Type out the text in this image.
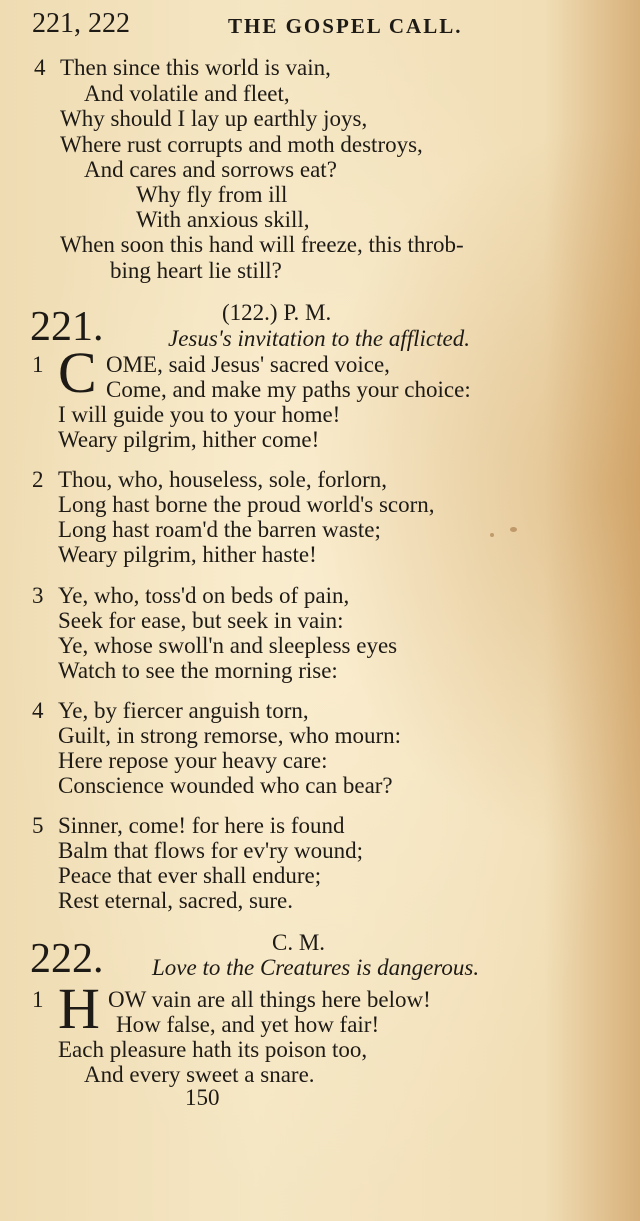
221, 222	THE GOSPEL CALL.
4 Then since this world is vain,
And volatile and fleet,
Why should I lay up earthly joys,
Where rust corrupts and moth destroys,
And cares and sorrows eat?
Why fly from ill
With anxious skill,
When soon this hand will freeze, this throb-
bing heart lie still?
221.	(122.) P. M.
Jesus's invitation to the afflicted.
1 C OME, said Jesus' sacred voice,
Come, and make my paths your choice:
I will guide you to your home!
Weary pilgrim, hither come!
2 Thou, who, houseless, sole, forlorn,
Long hast borne the proud world's scorn,
Long hast roam'd the barren waste;
Weary pilgrim, hither haste!
3 Ye, who, toss'd on beds of pain,
Seek for ease, but seek in vain:
Ye, whose swoll'n and sleepless eyes
Watch to see the morning rise:
4 Ye, by fiercer anguish torn,
Guilt, in strong remorse, who mourn:
Here repose your heavy care:
Conscience wounded who can bear?
5 Sinner, come! for here is found
Balm that flows for ev'ry wound;
Peace that ever shall endure;
Rest eternal, sacred, sure.
222.	C. M.
Love to the Creatures is dangerous.
1 H OW vain are all things here below!
How false, and yet how fair!
Each pleasure hath its poison too,
And every sweet a snare.
150
